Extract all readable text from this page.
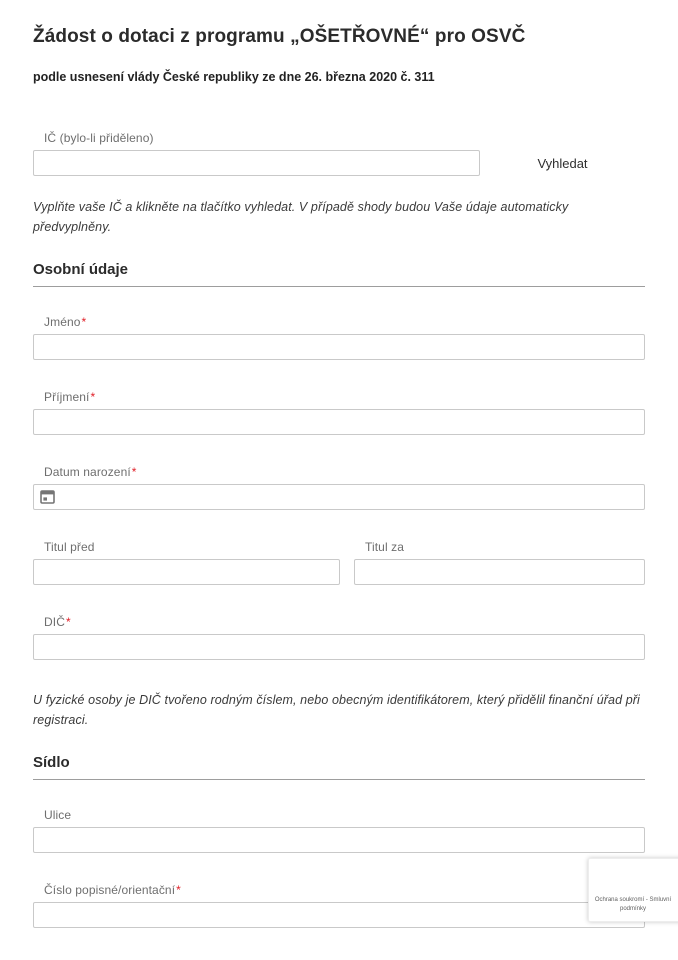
Žádost o dotaci z programu „OŠETŘOVNÉ“ pro OSVČ
podle usnesení vlády České republiky ze dne 26. března 2020 č. 311
IČ (bylo-li přiděleno)
Vyhledat

Vyplňte vaše IČ a klikněte na tlačítko vyhledat. V případě shody budou Vaše údaje automaticky předvyplněny.

Osobní údaje
Jméno*
Příjmení*
Datum narození*
Titul před	Titul za
DIČ*

U fyzické osoby je DIČ tvořeno rodným číslem, nebo obecným identifikátorem, který přidělil finanční úřad při registraci.

Sídlo
Ulice
Číslo popisné/orientační*
Ochrana soukromí - Smluvní podmínky
